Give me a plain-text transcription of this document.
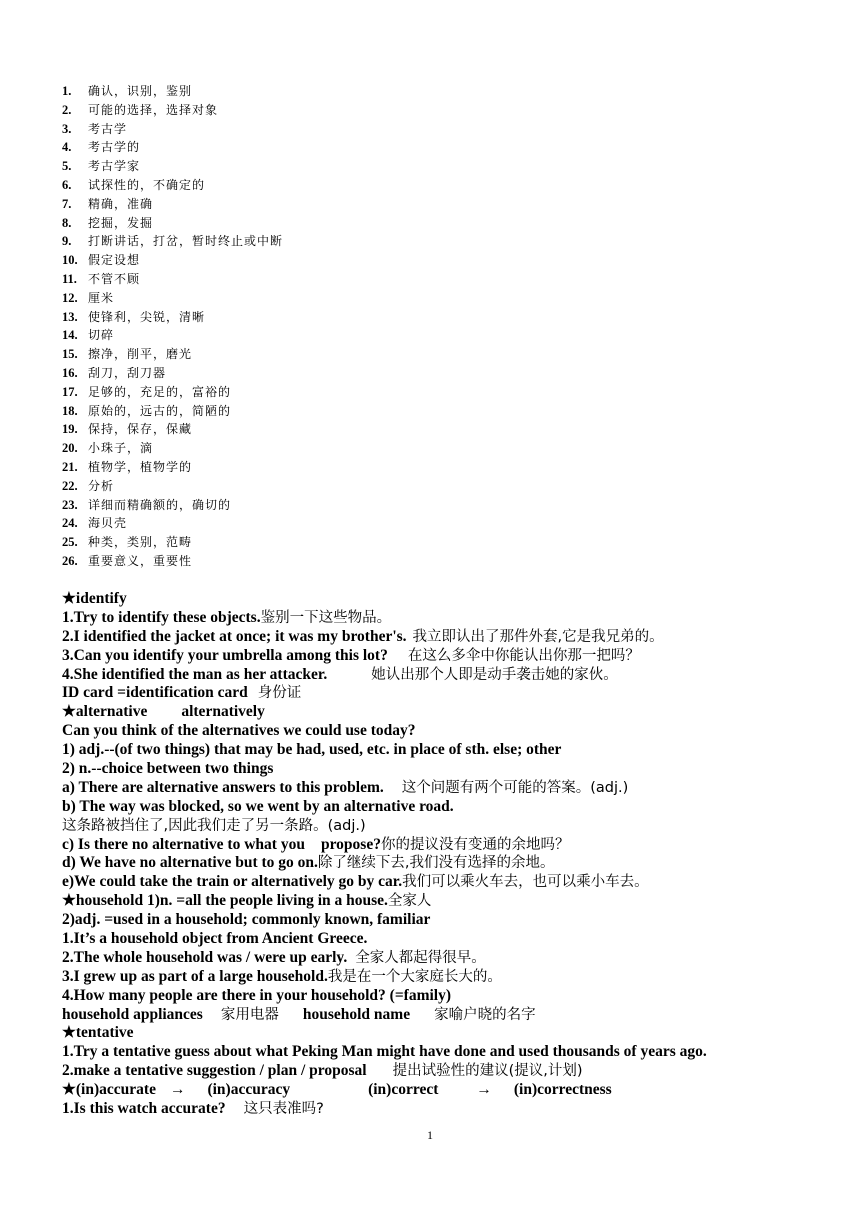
1. 确认，识别，鉴别
2. 可能的选择，选择对象
3. 考古学
4. 考古学的
5. 考古学家
6. 试探性的，不确定的
7. 精确，准确
8. 挖掘，发掘
9. 打断讲话，打岔，暂时终止或中断
10. 假定设想
11. 不管不顾
12. 厘米
13. 使锋利，尖锐，清晰
14. 切碎
15. 擦净，削平，磨光
16. 刮刀，刮刀器
17. 足够的，充足的，富裕的
18. 原始的，远古的，简陋的
19. 保持，保存，保藏
20. 小珠子，滴
21. 植物学，植物学的
22. 分析
23. 详细而精确额的，确切的
24. 海贝壳
25. 种类，类别，范畴
26. 重要意义，重要性
★identify
1.Try to identify these objects.鉴别一下这些物品。
2.I identified the jacket at once; it was my brother's. 我立即认出了那件外套,它是我兄弟的。
3.Can you identify your umbrella among this lot? 在这么多伞中你能认出你那一把吗？
4.She identified the man as her attacker.	她认出那个人即是动手袭击她的家伙。
ID card =identification card 身份证
★alternative alternatively
Can you think of the alternatives we could use today?
1) adj.--(of two things) that may be had, used, etc. in place of sth. else; other
2) n.--choice between two things
a) There are alternative answers to this problem. 这个问题有两个可能的答案。(adj.)
b) The way was blocked, so we went by an alternative road.
这条路被挡住了,因此我们走了另一条路。(adj.)
c) Is there no alternative to what you propose?你的提议没有变通的余地吗？
d) We have no alternative but to go on.除了继续下去,我们没有选择的余地。
e)We could take the train or alternatively go by car.我们可以乘火车去，也可以乘小车去。
★household 1)n. =all the people living in a house.全家人
2)adj. =used in a household; commonly known, familiar
1.It’s a household object from Ancient Greece.
2.The whole household was / were up early. 全家人都起得很早。
3.I grew up as part of a large household.我是在一个大家庭长大的。
4.How many people are there in your household? (=family)
household appliances 家用电器 household name 家喻户晓的名字
★tentative
1.Try a tentative guess about what Peking Man might have done and used thousands of years ago.
2.make a tentative suggestion / plan / proposal 提出试验性的建议(提议,计划)
★(in)accurate → (in)accuracy	(in)correct → (in)correctness
1.Is this watch accurate? 这只表准吗?
1
